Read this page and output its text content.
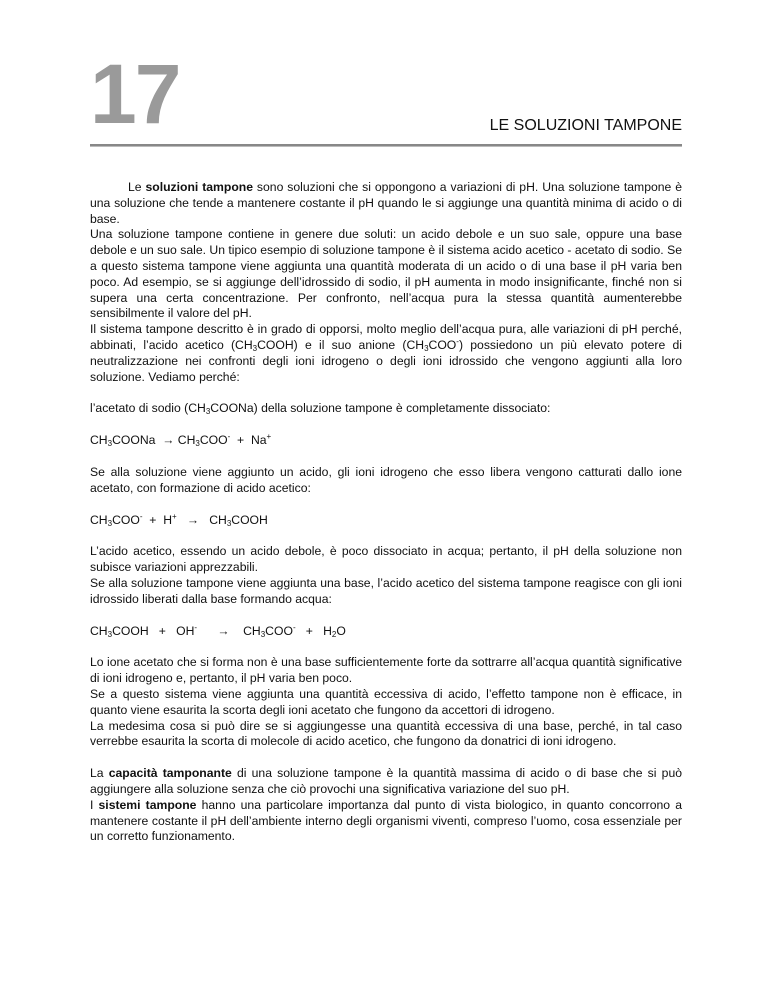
17	LE SOLUZIONI TAMPONE

Le soluzioni tampone sono soluzioni che si oppongono a variazioni di pH. Una soluzione tampone è una soluzione che tende a mantenere costante il pH quando le si aggiunge una quantità minima di acido o di base.

Una soluzione tampone contiene in genere due soluti: un acido debole e un suo sale, oppure una base debole e un suo sale. Un tipico esempio di soluzione tampone è il sistema acido acetico - acetato di sodio. Se a questo sistema tampone viene aggiunta una quantità moderata di un acido o di una base il pH varia ben poco. Ad esempio, se si aggiunge dell’idrossido di sodio, il pH aumenta in modo insignificante, finché non si supera una certa concentrazione. Per confronto, nell’acqua pura la stessa quantità aumenterebbe sensibilmente il valore del pH.

Il sistema tampone descritto è in grado di opporsi, molto meglio dell’acqua pura, alle variazioni di pH perché, abbinati, l’acido acetico $(CH_3COOH)$ e il suo anione $(CH_3COO^-)$ possiedono un più elevato potere di neutralizzazione nei confronti degli ioni idrogeno o degli ioni idrossido che vengono aggiunti alla loro soluzione. Vediamo perché:

l’acetato di sodio $(CH_3COONa)$ della soluzione tampone è completamente dissociato:

$CH_3COONa \to CH_3COO^- + Na^+$

Se alla soluzione viene aggiunto un acido, gli ioni idrogeno che esso libera vengono catturati dallo ione acetato, con formazione di acido acetico:

$CH_3COO^- + H^+$ → $CH_3COOH$

L’acido acetico, essendo un acido debole, è poco dissociato in acqua; pertanto, il pH della soluzione non subisce variazioni apprezzabili.

Se alla soluzione tampone viene aggiunta una base, l’acido acetico del sistema tampone reagisce con gli ioni idrossido liberati dalla base formando acqua:

$CH_3COOH + OH^- \to CH_3COO^- + H_2O$

Lo ione acetato che si forma non è una base sufficientemente forte da sottrarre all’acqua quantità significative di ioni idrogeno e, pertanto, il pH varia ben poco.

Se a questo sistema viene aggiunta una quantità eccessiva di acido, l’effetto tampone non è efficace, in quanto viene esaurita la scorta degli ioni acetato che fungono da accettori di idrogeno.

La medesima cosa si può dire se si aggiungesse una quantità eccessiva di una base, perché, in tal caso verrebbe esaurita la scorta di molecole di acido acetico, che fungono da donatrici di ioni idrogeno.

La capacità tamponante di una soluzione tampone è la quantità massima di acido o di base che si può aggiungere alla soluzione senza che ciò provochi una significativa variazione del suo pH.

I sistemi tampone hanno una particolare importanza dal punto di vista biologico, in quanto concorrono a mantenere costante il pH dell’ambiente interno degli organismi viventi, compreso l’uomo, cosa essenziale per un corretto funzionamento.
